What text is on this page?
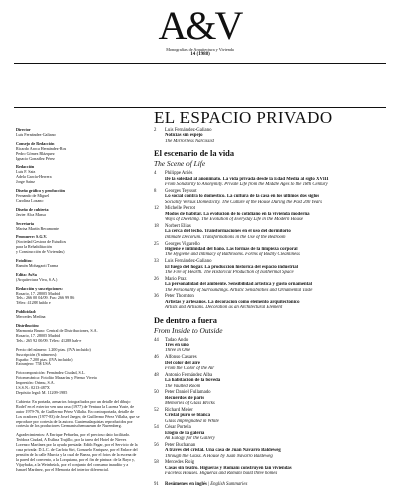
A&V
Monografías de Arquitectura y Vivienda
14 (1988)
EL ESPACIO PRIVADO
Director
Luis Fernández-Galiano
Consejo de Redacción
Ricardo Aroca Hernández-Ros
Pedro Gómez Blázquez
Ignacio González Pérez
Redacción
Luis F. Saiz
Adela García-Herrera
Jorge Sainz
Diseño gráfico y producción
Fernando de Miguel
Carolina Lozano
Diseño de cubierta
Javier Alca Massa
Secretaría
Marisa Martín Becamonte
Promueve: S.G.V.
(Sociedad Gestora de Estudios
para la Rehabilitación
y Construcción de Viviendas)
Fotolitos:
Ramón Mohagaoti Trama
Edita: AvSa
(Arquitectura Viva, S.A.)
Redacción y suscripciones:
Rosario, 17. 28005 Madrid
Tels.: 266 00 04/09. Fax: 266 99 86
Télex: 41288 hablo e
Publicidad:
Mercedes Medina
Distribución:
Marmonia Bruno: Central de Distribuciones, S.A.
Rosario, 17. 28005 Madrid
Tels.: 265 92 00/09. Télex: 41288 hab-e
Precio del número: 1.200 ptas. (IVA incluido)
Suscripción (6 números):
España: 7.200 ptas. (IVA incluido)
Extranjero: 75$ USA
Fotocomposición: Fernández Ciudad, S.L.
Fotomecánica: Fotolito Mazarías y Pienso Viveia
Impresión: Orimu, S.A.
I.S.S.N.: 0213-487X
Depósito legal: M. 11209-1985
Cubierta: En portada, armarios fotografiados por un detalle del dibujo Rodel' en el exterior ven una rasa (1977) de Ventura la Lucena Yuste, de autor 1979-76, de Guillermo Pérez Villalta. En contraportada, detalle de Los oradores (1977-83) de Josef Jaeger, de Guillermo Pérez Villalta, que se reproduce por cortesía de la autora. Guatemalaquistas reproducidos por cortesía de los productores Germanischemuseum de Nuremberg.
Agradecimientos: A Enrique Peñuelas, por el precioso dato facilitado. Teódora Ciudad, A Estlina Trujillo, por la tarea del Hotel de Nieves Lorenzo Martínez por la ayuda prestada: Edith Pagar, por el Servicio de la casa privada: D.L.C. de Carlota Sirt, Consuelo Enriquez, por el Enlace del pensión de la calle Murcia y la cual de Baeza, por el fotos de la escena de la pared del convento, a la Lorquiana, por el fin de pintura: de la Rayo y, Vijaybaka, a la Weinbrück, por el conjunto del consumo inaudito y a Ismael Martínez, por el Memoria del interior diferencial.
2 Luis Fernández-Galiano
Noticias sin espejo
The Mirrorless Narcissist
El escenario de la vida
The Scene of Life
4 Philippe Ariès
De la soledad al anonimato. La vida privada desde la Edad Media al siglo XVIII
From Solidarity to Anonymity. Private Life from the Middle Ages to the 18th Century
8 Georges Teyssot
Lo social contra lo doméstico. La cultura de la casa en los últimos dos siglos
Sociality Versus Domesticity. The Culture of the House During the Past 200 Years
12 Michelle Perrot
Modos de habitar. La evolución de lo cotidiano en la vivienda moderna
Ways of Dwelling. The Evolution of Everyday Life in the Modern House
18 Norbert Elias
La cerca del lecho. Transformaciones en el uso del dormitorio
Intimate Decorum. Transformations in the Use of the Bedroom
25 Georges Vigarello
Higiene e intimidad del baño. Las formas de la limpieza corporal
The Hygiene and Intimacy of Bathrooms. Forms of Bodily Cleanliness
33 Luis Fernández-Galiano
El fuego del hogar. La producción histórica del espacio industrial
The Fire of Hearth. The Historical Production of Isothermal Space
26 Mario Praz
La personalidad del ambiente. Sensibilidad artística y gusto ornamental
The Personality of Surroundings. Artistic Sensibilities and Ornamental Taste
36 Peter Thornton
Artistas y artesanos. La decoración como elemento arquitectónico
Artists and Artisans. Decoration as an Architectural Element
De dentro a fuera
From Inside to Outside
44 Tadao Ando
Tres en uno
Three in One
46 Alfonso Casares
Del color del aire
From the Color of the Air
48 Antonio Fernández Alba
La habitación de la bóveda
The Vaulted Room
50 Peter Daniel Fullamado
Recuerdos de paris
Memories of Glass Bricks
52 Richard Meier
Cristal puro se blanca
Glass Impregnated in White
54 César Portela
Elogio de la galería
An Eulogy for the Gallery
56 Peter Buchanan
A través del cristal. Una casa de Juan Navarro Baldeweg
Through the Glass. A House by Juan Navarro Baldeweg
58 Mercedes Roig
Casas sin teatro. Higueras y Romaní construyen tan viviendas
Faceless Houses. Higueras and Romaní build three homes
91 Resúmenes en inglés | English Summaries
